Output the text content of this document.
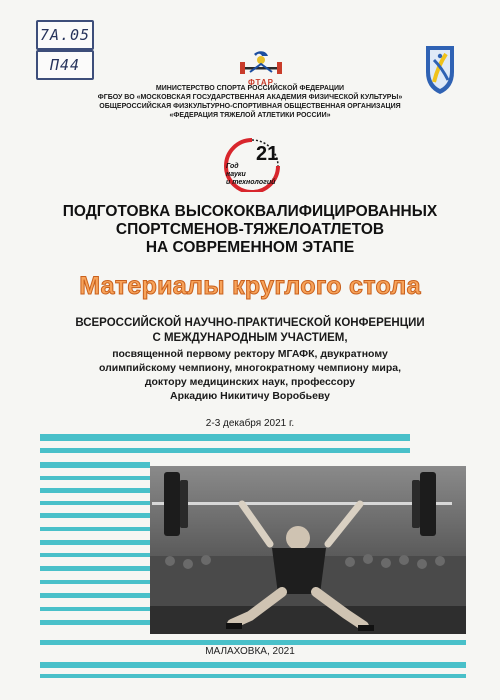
7А.05
П44
ФТАР
МИНИСТЕРСТВО СПОРТА РОССИЙСКОЙ ФЕДЕРАЦИИ
ФГБОУ ВО «МОСКОВСКАЯ ГОСУДАРСТВЕННАЯ АКАДЕМИЯ ФИЗИЧЕСКОЙ КУЛЬТУРЫ»
ОБЩЕРОССИЙСКАЯ ФИЗКУЛЬТУРНО-СПОРТИВНАЯ ОБЩЕСТВЕННАЯ ОРГАНИЗАЦИЯ
«ФЕДЕРАЦИЯ ТЯЖЕЛОЙ АТЛЕТИКИ РОССИИ»
21
Год
науки
и технологий
ПОДГОТОВКА ВЫСОКОКВАЛИФИЦИРОВАННЫХ
СПОРТСМЕНОВ-ТЯЖЕЛОАТЛЕТОВ
НА СОВРЕМЕННОМ ЭТАПЕ
Материалы круглого стола
ВСЕРОССИЙСКОЙ НАУЧНО-ПРАКТИЧЕСКОЙ КОНФЕРЕНЦИИ
С МЕЖДУНАРОДНЫМ УЧАСТИЕМ,
посвященной первому ректору МГАФК, двукратному
олимпийскому чемпиону, многократному чемпиону мира,
доктору медицинских наук, профессору
Аркадию Никитичу Воробьеву
2-3 декабря 2021 г.
МАЛАХОВКА, 2021
